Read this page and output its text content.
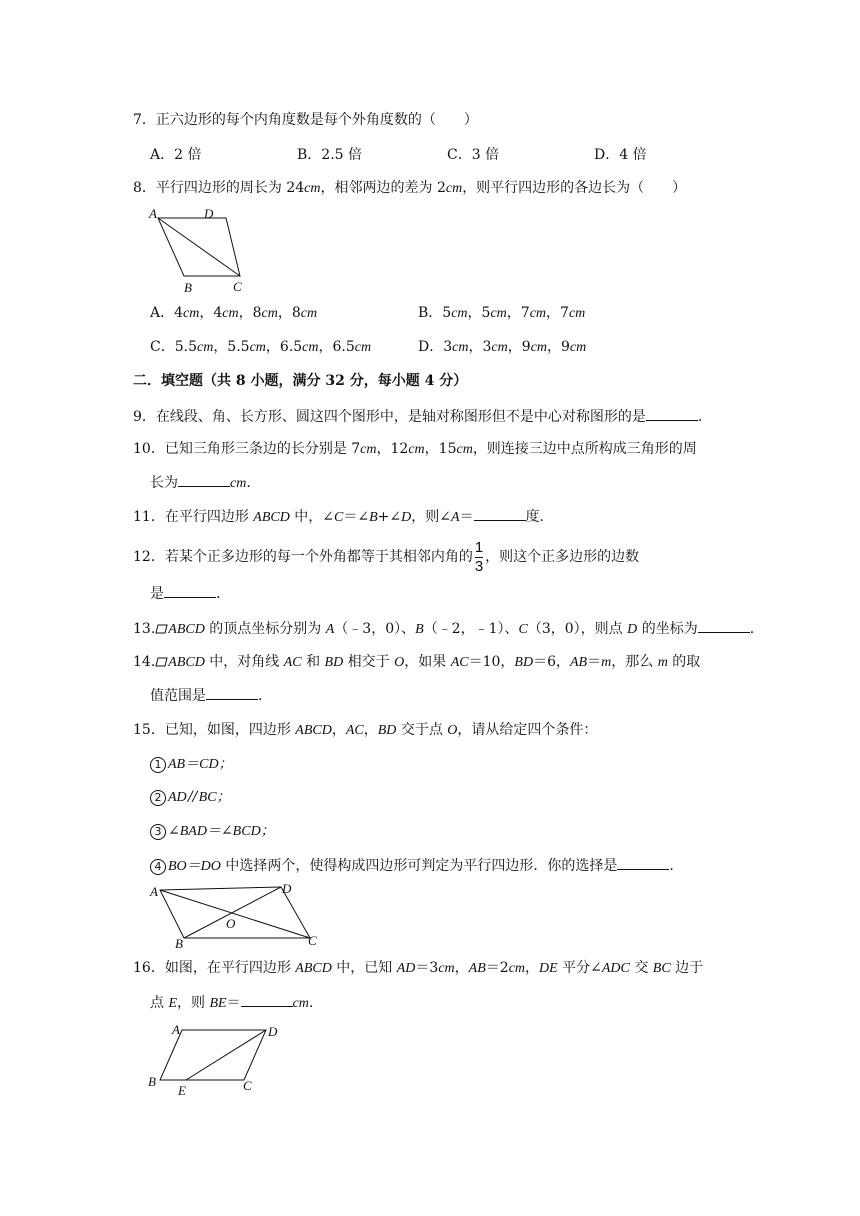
7．正六边形的每个内角度数是每个外角度数的（　　）
A．2 倍	B．2.5 倍	C．3 倍	D．4 倍
8．平行四边形的周长为 24cm，相邻两边的差为 2cm，则平行四边形的各边长为（　　）
A	D
B	C
A．4cm，4cm，8cm，8cm	B．5cm，5cm，7cm，7cm
C．5.5cm，5.5cm，6.5cm，6.5cm	D．3cm，3cm，9cm，9cm
二．填空题（共 8 小题，满分 32 分，每小题 4 分）
9．在线段、角、长方形、圆这四个图形中，是轴对称图形但不是中心对称图形的是	.
10．已知三角形三条边的长分别是 7cm，12cm，15cm，则连接三边中点所构成三角形的周
长为	cm.
11．在平行四边形 ABCD 中，∠C＝∠B+∠D，则∠A＝	度.
12．若某个正多边形的每一个外角都等于其相邻内角的 $\frac{1}{3}$ ，则这个正多边形的边数
是	.
13. ABCD 的顶点坐标分别为 A（﹣3，0）、B（﹣2，﹣1）、C（3，0），则点 D 的坐标为	.
14. ABCD 中，对角线 AC 和 BD 相交于 O，如果 AC＝10，BD＝6，AB＝m，那么 m 的取
值范围是	.
15．已知，如图，四边形 ABCD，AC，BD 交于点 O，请从给定四个条件：
1 AB＝CD；
2 AD//BC；
3 ∠BAD＝∠BCD；
4 BO＝DO 中选择两个，使得构成四边形可判定为平行四边形．你的选择是	.
A	D
O
B	C
16．如图，在平行四边形 ABCD 中，已知 AD＝3cm，AB＝2cm，DE 平分∠ADC 交 BC 边于
点 E，则 BE＝	cm.
A	D
B
E	C
